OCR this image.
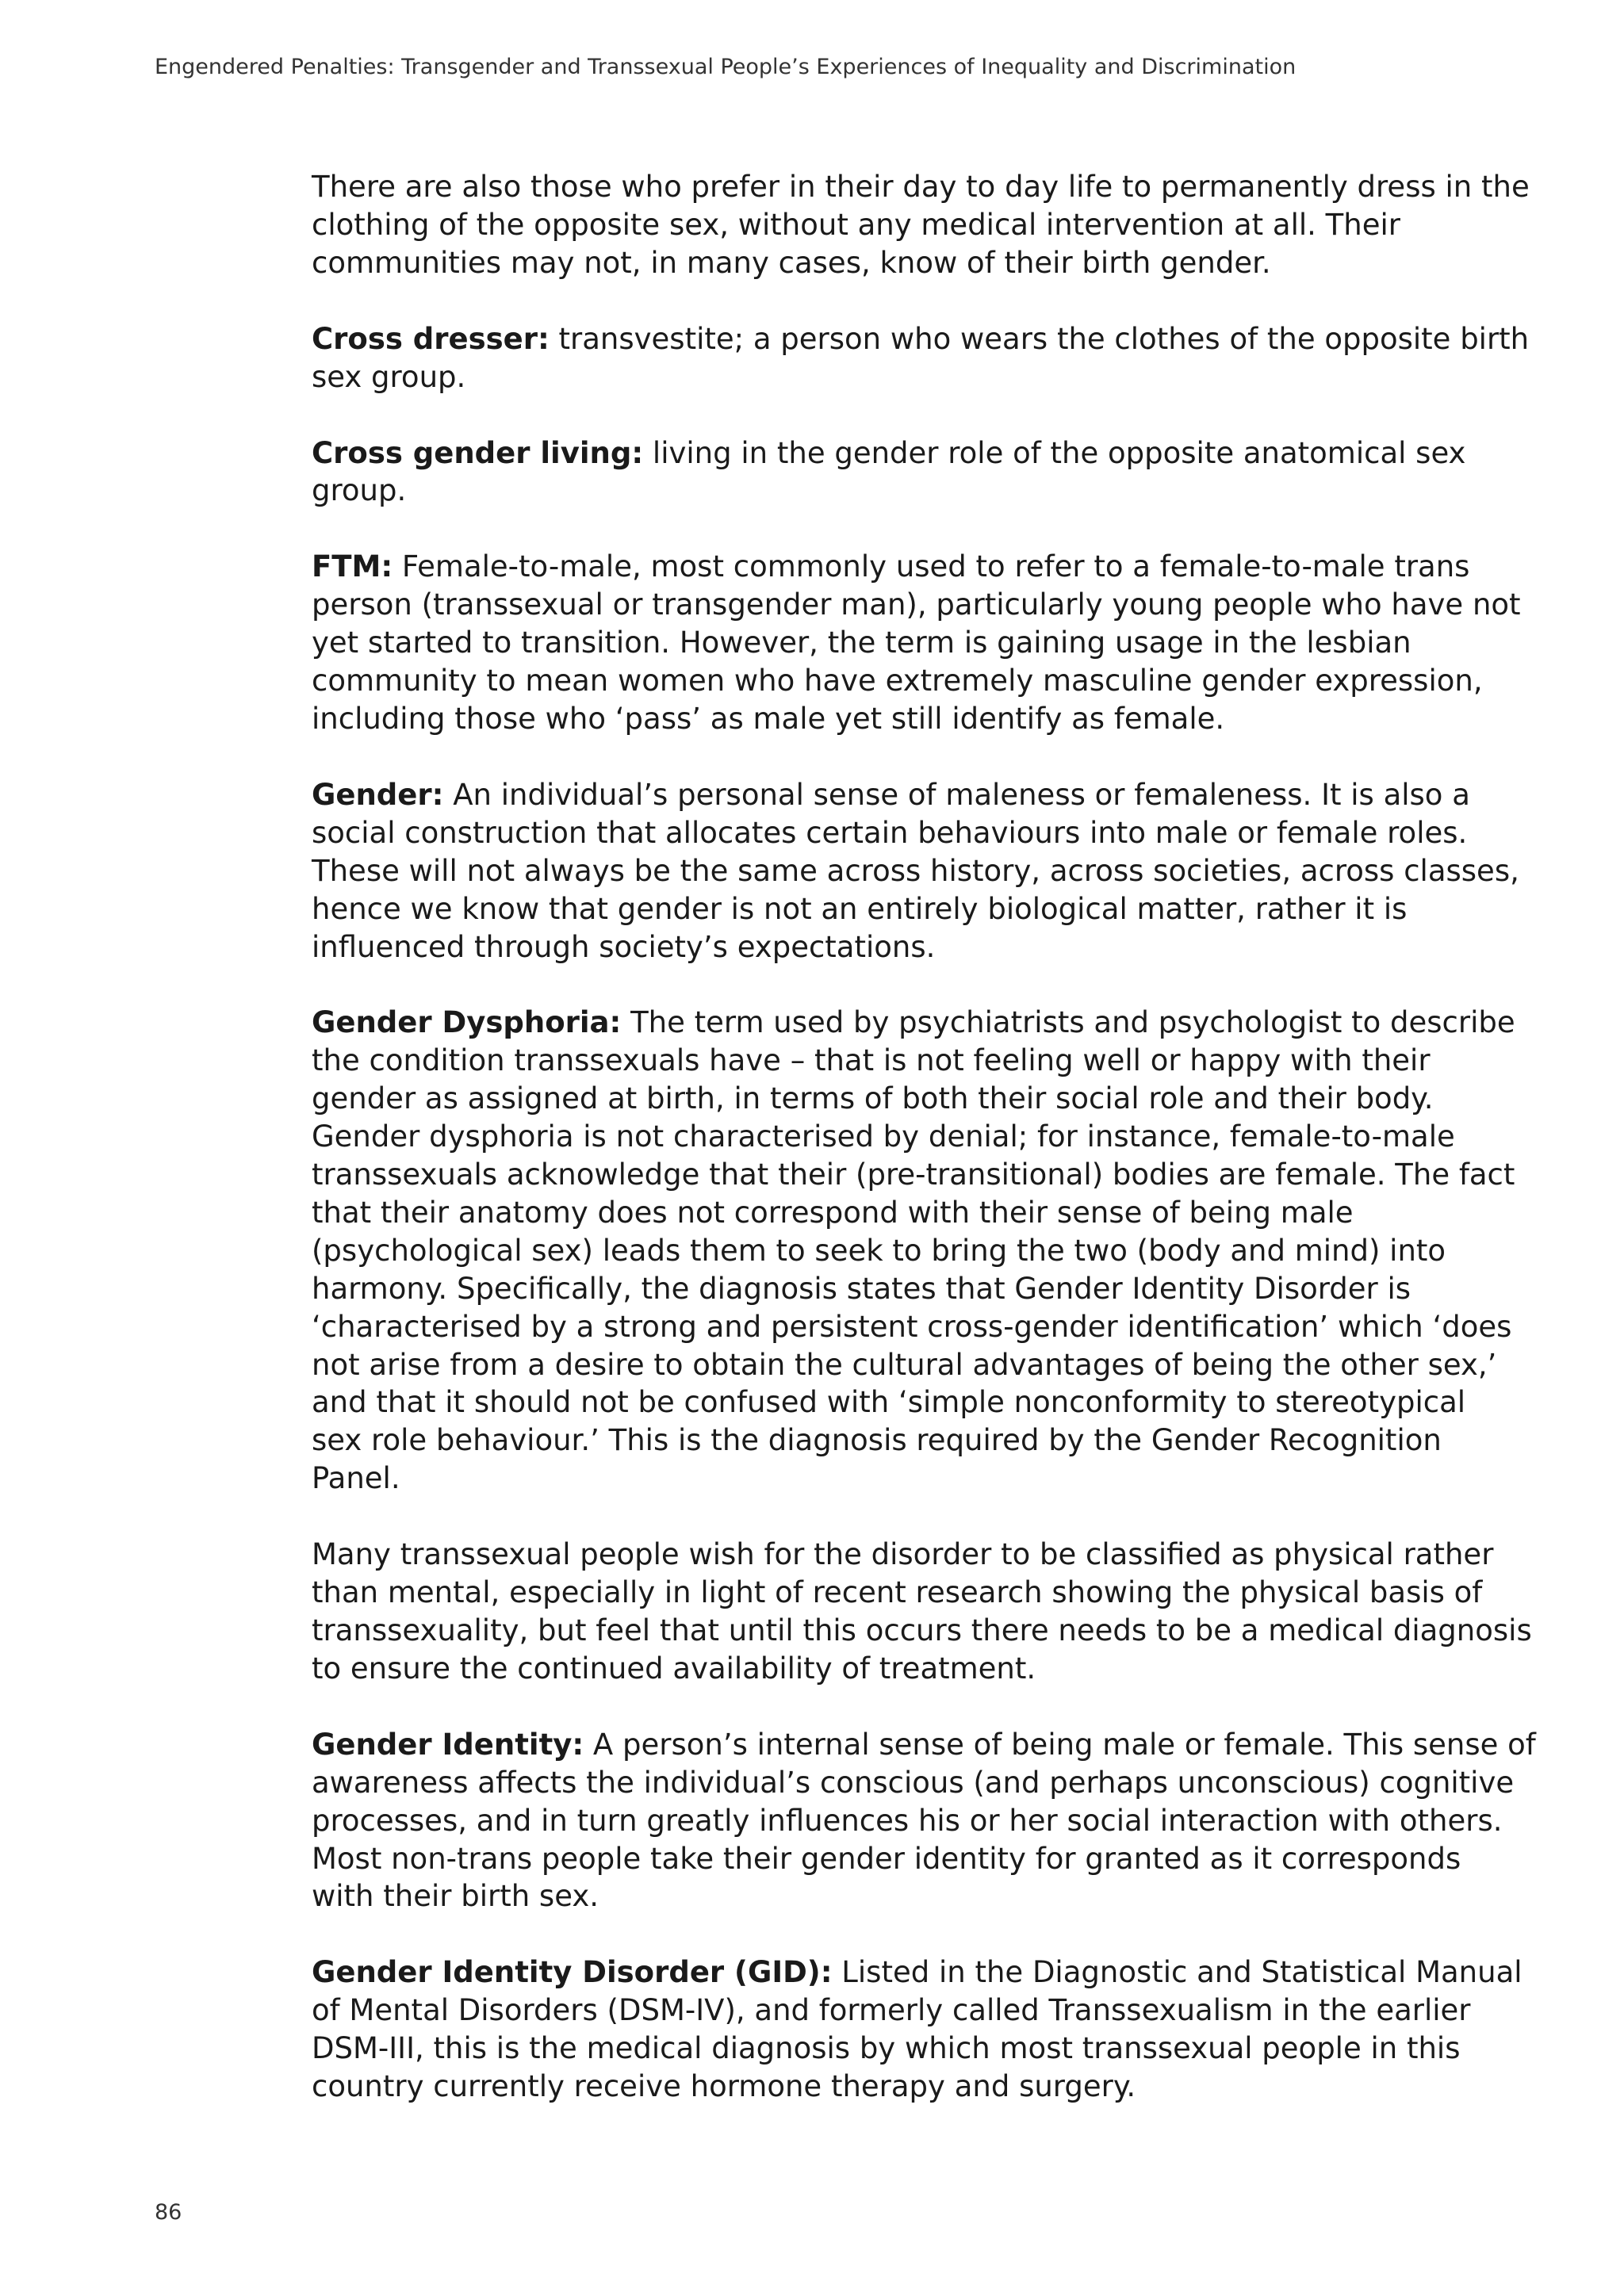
Engendered Penalties: Transgender and Transsexual People’s Experiences of Inequality and Discrimination

There are also those who prefer in their day to day life to permanently dress in the
clothing of the opposite sex, without any medical intervention at all. Their
communities may not, in many cases, know of their birth gender.

Cross dresser: transvestite; a person who wears the clothes of the opposite birth
sex group.

Cross gender living: living in the gender role of the opposite anatomical sex
group.

FTM: Female-to-male, most commonly used to refer to a female-to-male trans
person (transsexual or transgender man), particularly young people who have not
yet started to transition. However, the term is gaining usage in the lesbian
community to mean women who have extremely masculine gender expression,
including those who ‘pass’ as male yet still identify as female.

Gender: An individual’s personal sense of maleness or femaleness. It is also a
social construction that allocates certain behaviours into male or female roles.
These will not always be the same across history, across societies, across classes,
hence we know that gender is not an entirely biological matter, rather it is
influenced through society’s expectations.

Gender Dysphoria: The term used by psychiatrists and psychologist to describe
the condition transsexuals have – that is not feeling well or happy with their
gender as assigned at birth, in terms of both their social role and their body.
Gender dysphoria is not characterised by denial; for instance, female-to-male
transsexuals acknowledge that their (pre-transitional) bodies are female. The fact
that their anatomy does not correspond with their sense of being male
(psychological sex) leads them to seek to bring the two (body and mind) into
harmony. Specifically, the diagnosis states that Gender Identity Disorder is
‘characterised by a strong and persistent cross-gender identification’ which ‘does
not arise from a desire to obtain the cultural advantages of being the other sex,’
and that it should not be confused with ‘simple nonconformity to stereotypical
sex role behaviour.’ This is the diagnosis required by the Gender Recognition
Panel.

Many transsexual people wish for the disorder to be classified as physical rather
than mental, especially in light of recent research showing the physical basis of
transsexuality, but feel that until this occurs there needs to be a medical diagnosis
to ensure the continued availability of treatment.

Gender Identity: A person’s internal sense of being male or female. This sense of
awareness affects the individual’s conscious (and perhaps unconscious) cognitive
processes, and in turn greatly influences his or her social interaction with others.
Most non-trans people take their gender identity for granted as it corresponds
with their birth sex.

Gender Identity Disorder (GID): Listed in the Diagnostic and Statistical Manual
of Mental Disorders (DSM-IV), and formerly called Transsexualism in the earlier
DSM-III, this is the medical diagnosis by which most transsexual people in this
country currently receive hormone therapy and surgery.

86
